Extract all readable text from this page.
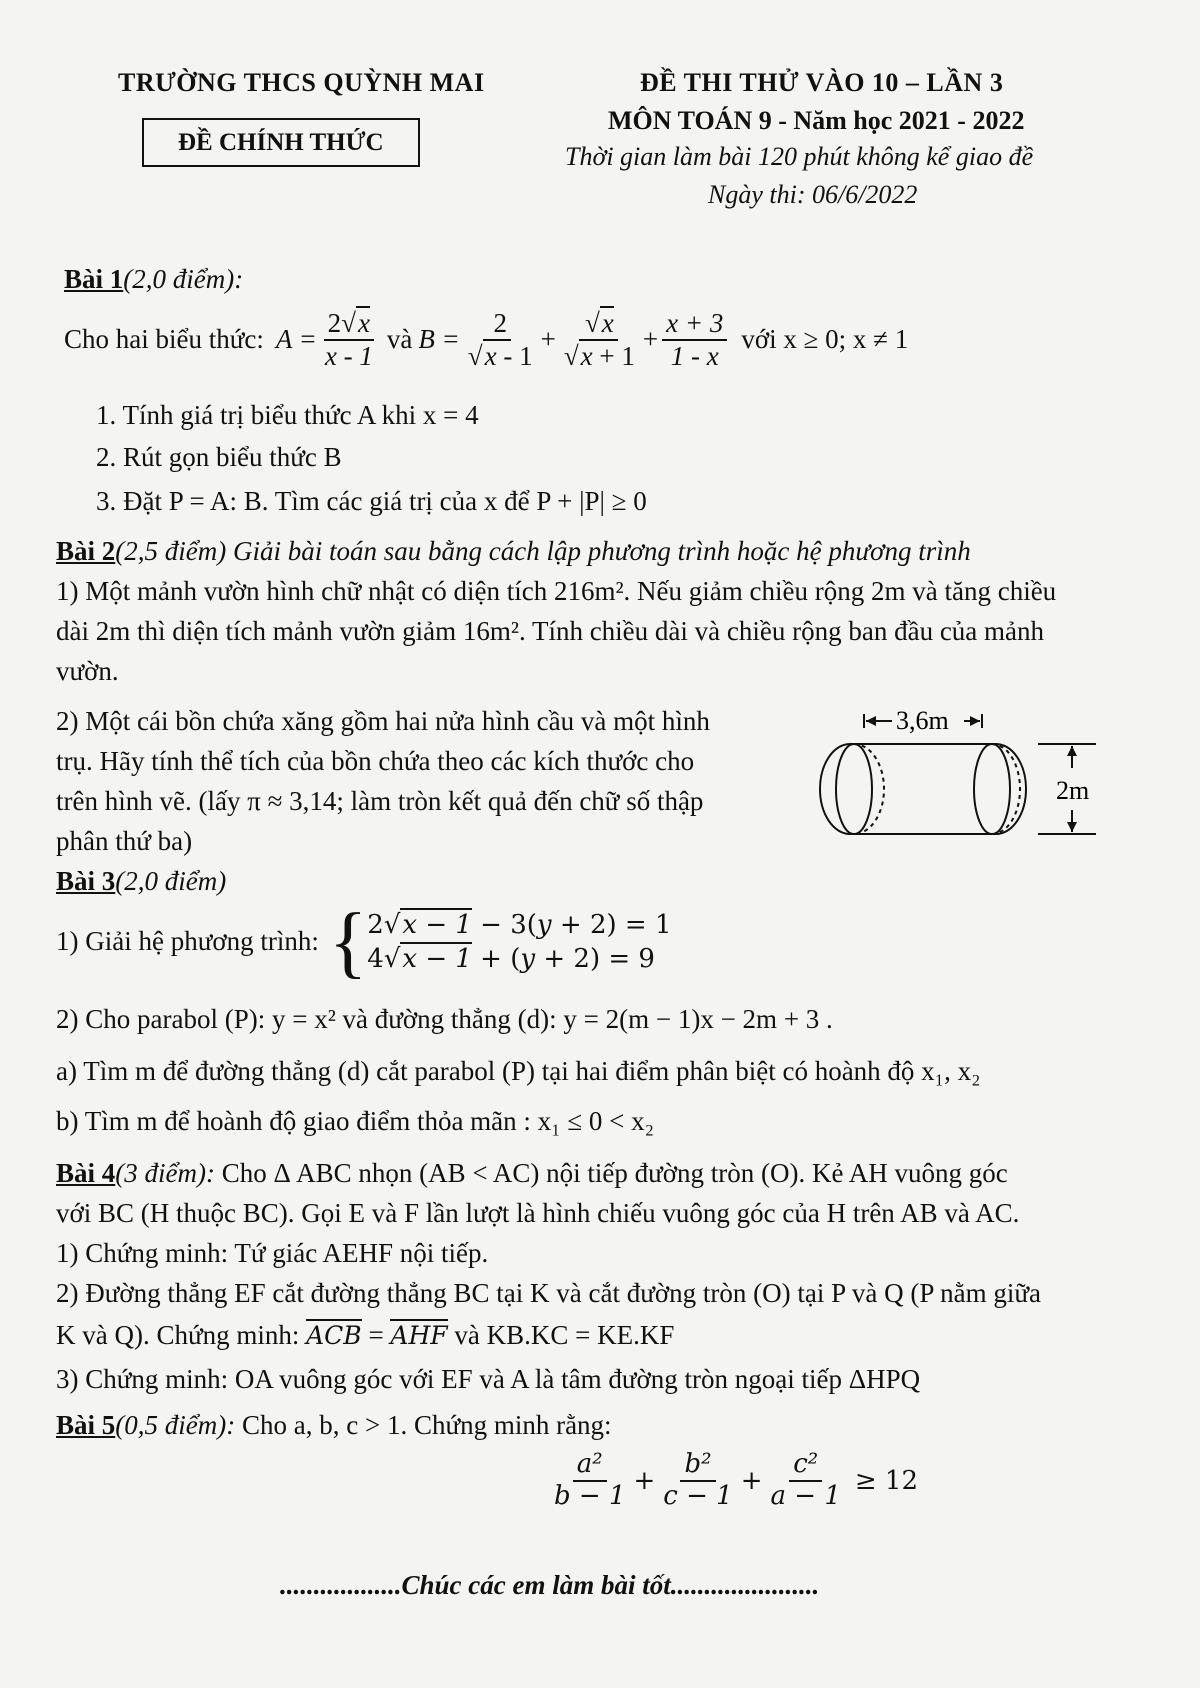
TRƯỜNG THCS QUỲNH MAI
ĐỀ CHÍNH THỨC
ĐỀ THI THỬ VÀO 10 – LẦN 3
MÔN TOÁN 9 - Năm học 2021 - 2022
Thời gian làm bài 120 phút không kể giao đề
Ngày thi: 06/6/2022
Bài 1(2,0 điểm):
Cho hai biểu thức: $A = \frac{2√x}{x - 1}$ và $B = \frac{2}{√x - 1} + \frac{√x}{√x + 1} + \frac{x + 3}{1 - x}$ với x ≥ 0; x ≠ 1
1. Tính giá trị biểu thức A khi x = 4
2. Rút gọn biểu thức B
3. Đặt P = A: B. Tìm các giá trị của x để P + |P| ≥ 0
Bài 2(2,5 điểm) Giải bài toán sau bằng cách lập phương trình hoặc hệ phương trình
1) Một mảnh vườn hình chữ nhật có diện tích 216m². Nếu giảm chiều rộng 2m và tăng chiều
dài 2m thì diện tích mảnh vườn giảm 16m². Tính chiều dài và chiều rộng ban đầu của mảnh
vườn.
2) Một cái bồn chứa xăng gồm hai nửa hình cầu và một hình
trụ. Hãy tính thể tích của bồn chứa theo các kích thước cho
trên hình vẽ. (lấy π ≈ 3,14; làm tròn kết quả đến chữ số thập
phân thứ ba)
3,6m
2m
Bài 3(2,0 điểm)
1) Giải hệ phương trình: { 2√x − 1 − 3(y + 2) = 1
4√x − 1 + (y + 2) = 9
2) Cho parabol (P): y = x² và đường thẳng (d): y = 2(m − 1)x − 2m + 3 .
a) Tìm m để đường thẳng (d) cắt parabol (P) tại hai điểm phân biệt có hoành độ x₁, x₂
b) Tìm m để hoành độ giao điểm thỏa mãn : x₁ ≤ 0 < x₂
Bài 4(3 điểm): Cho Δ ABC nhọn (AB < AC) nội tiếp đường tròn (O). Kẻ AH vuông góc
với BC (H thuộc BC). Gọi E và F lần lượt là hình chiếu vuông góc của H trên AB và AC.
1) Chứng minh: Tứ giác AEHF nội tiếp.
2) Đường thẳng EF cắt đường thẳng BC tại K và cắt đường tròn (O) tại P và Q (P nằm giữa
K và Q). Chứng minh: ACB = AHF và KB.KC = KE.KF
3) Chứng minh: OA vuông góc với EF và A là tâm đường tròn ngoại tiếp ΔHPQ
Bài 5(0,5 điểm): Cho a, b, c > 1. Chứng minh rằng:
$\frac{\text{a²}}{b - 1} + \frac{\text{b²}}{c - 1} + \frac{\text{c²}}{a - 1} \ge 12$
..................Chúc các em làm bài tốt......................
